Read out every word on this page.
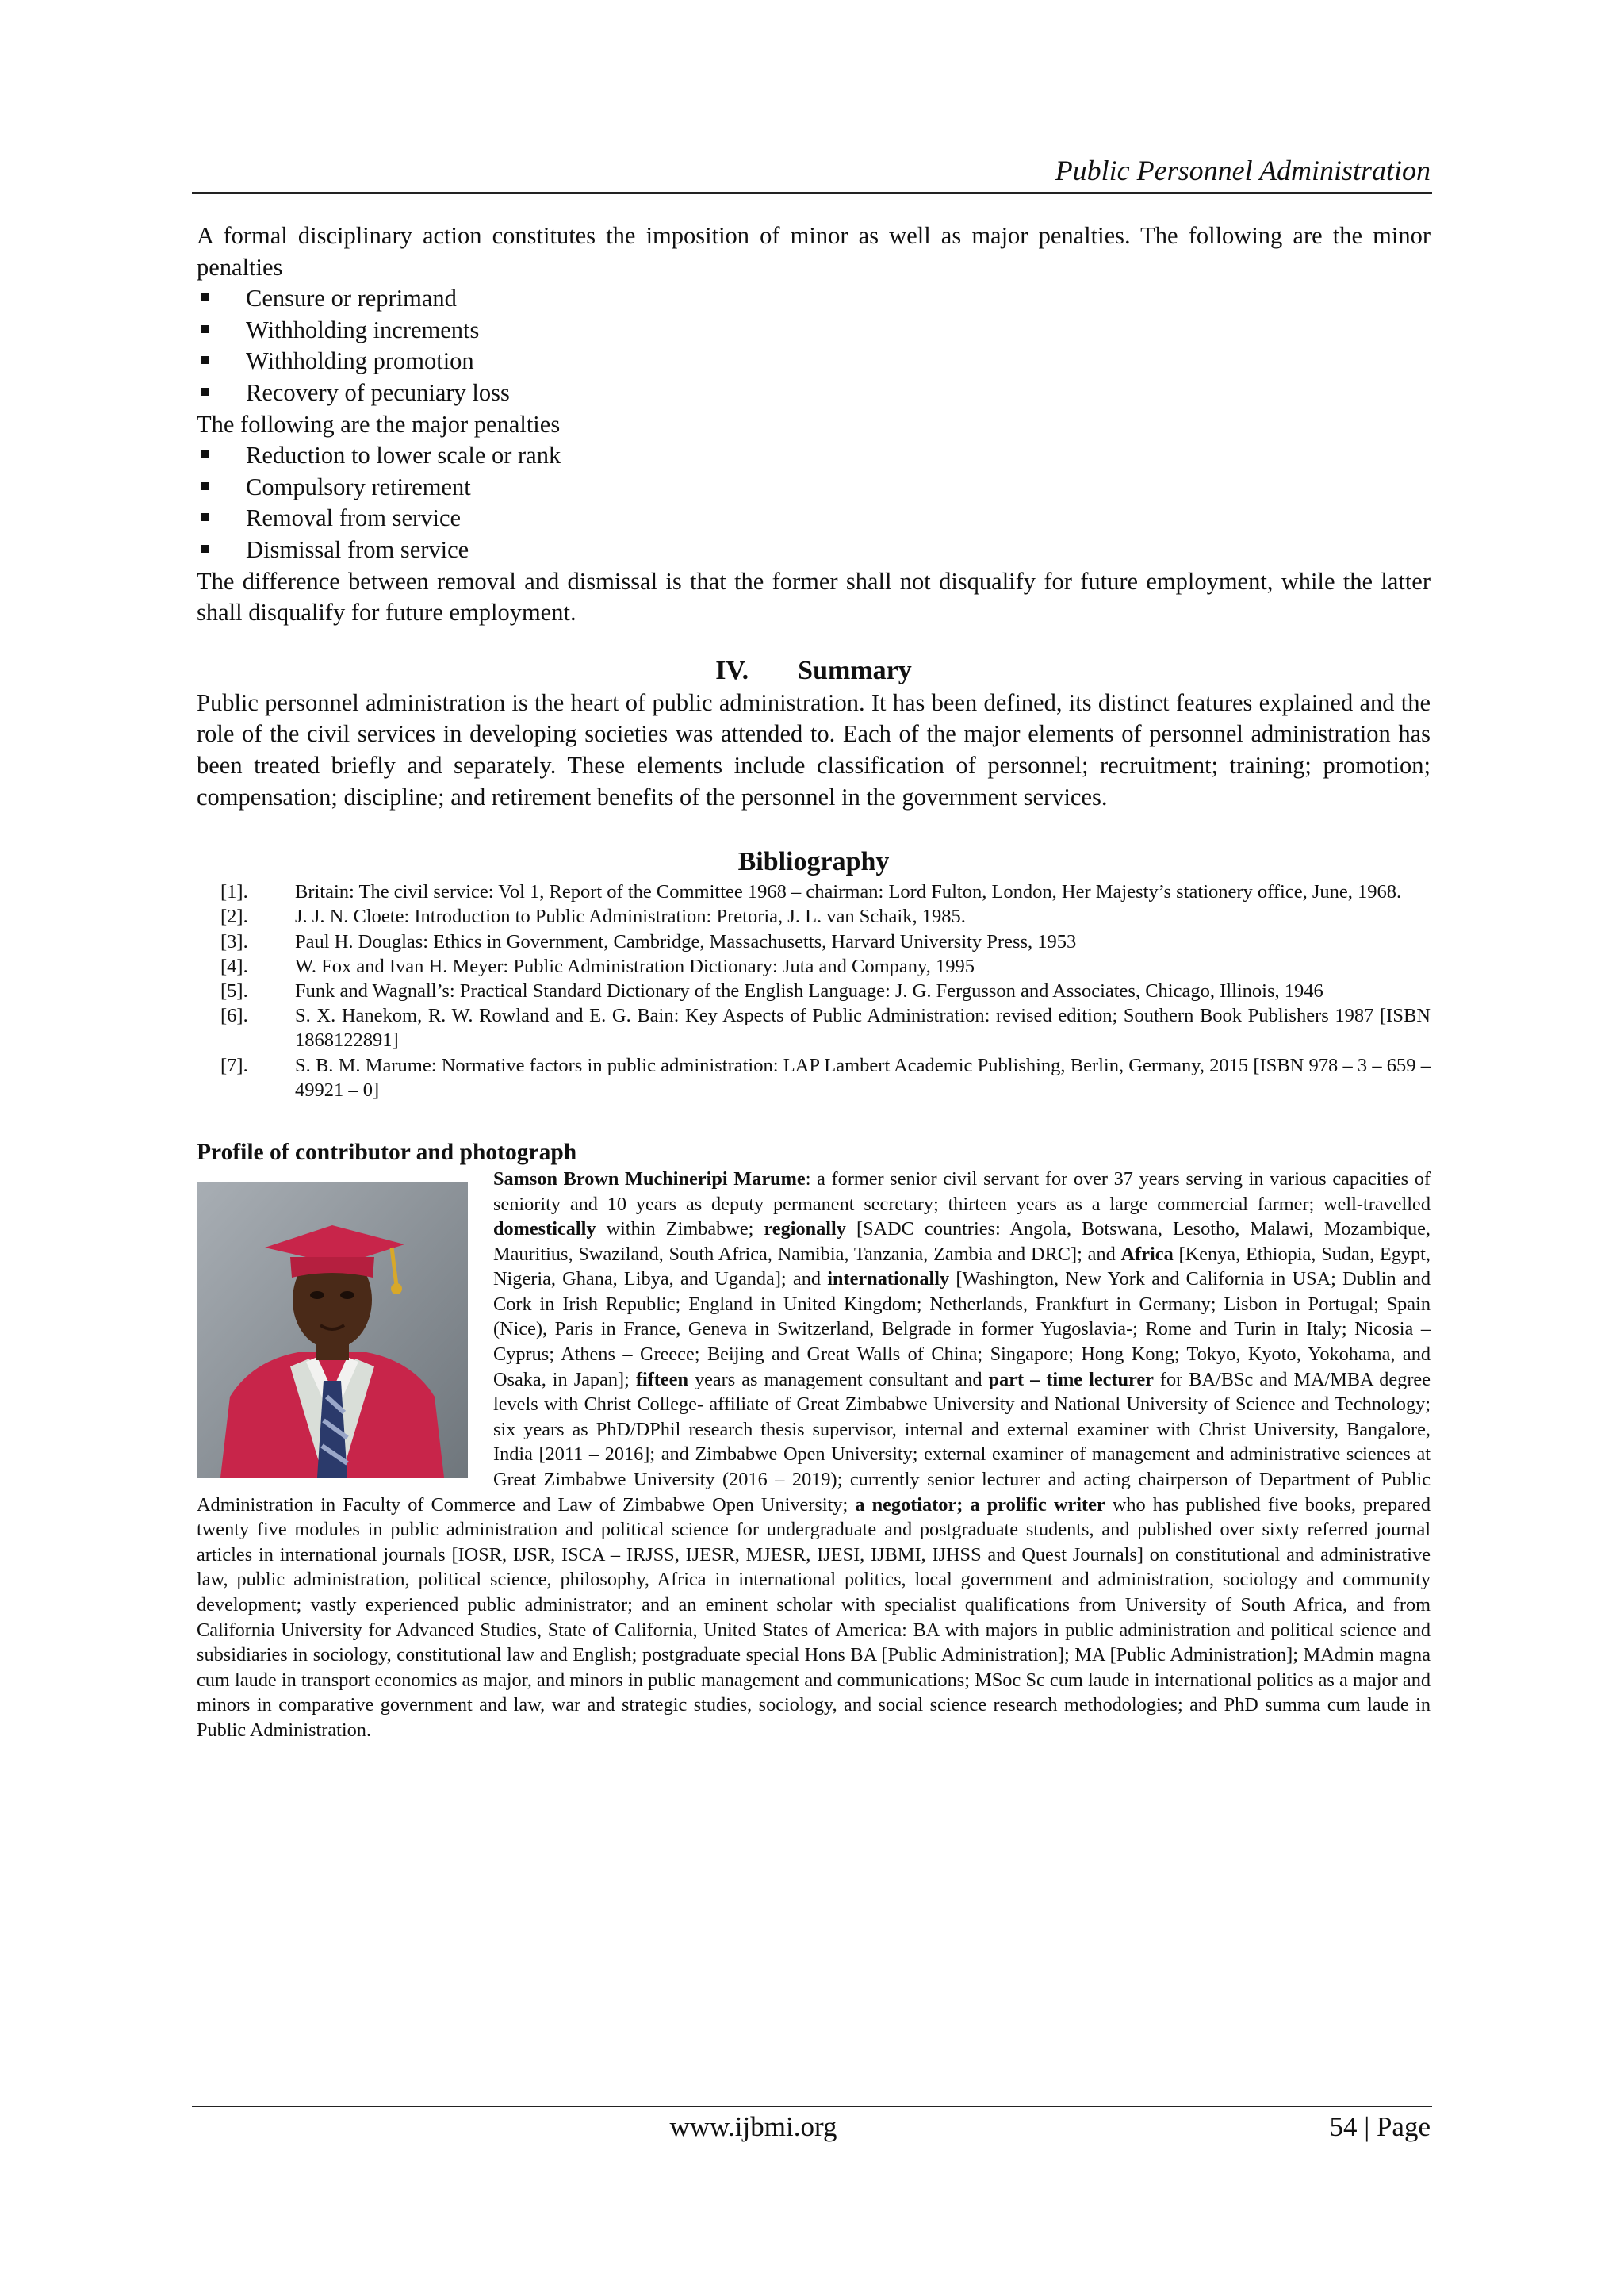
Public Personnel Administration

A formal disciplinary action constitutes the imposition of minor as well as major penalties. The following are the minor penalties

Censure or reprimand
Withholding increments
Withholding promotion
Recovery of pecuniary loss

The following are the major penalties

Reduction to lower scale or rank
Compulsory retirement
Removal from service
Dismissal from service

The difference between removal and dismissal is that the former shall not disqualify for future employment, while the latter shall disqualify for future employment.

IV. Summary

Public personnel administration is the heart of public administration. It has been defined, its distinct features explained and the role of the civil services in developing societies was attended to. Each of the major elements of personnel administration has been treated briefly and separately. These elements include classification of personnel; recruitment; training; promotion; compensation; discipline; and retirement benefits of the personnel in the government services.

Bibliography
[1]. Britain: The civil service: Vol 1, Report of the Committee 1968 – chairman: Lord Fulton, London, Her Majesty’s stationery office, June, 1968.
[2]. J. J. N. Cloete: Introduction to Public Administration: Pretoria, J. L. van Schaik, 1985.
[3]. Paul H. Douglas: Ethics in Government, Cambridge, Massachusetts, Harvard University Press, 1953
[4]. W. Fox and Ivan H. Meyer: Public Administration Dictionary: Juta and Company, 1995
[5]. Funk and Wagnall’s: Practical Standard Dictionary of the English Language: J. G. Fergusson and Associates, Chicago, Illinois, 1946
[6]. S. X. Hanekom, R. W. Rowland and E. G. Bain: Key Aspects of Public Administration: revised edition; Southern Book Publishers 1987 [ISBN 1868122891]
[7]. S. B. M. Marume: Normative factors in public administration: LAP Lambert Academic Publishing, Berlin, Germany, 2015 [ISBN 978 – 3 – 659 – 49921 – 0]
Profile of contributor and photograph
Samson Brown Muchineripi Marume: a former senior civil servant for over 37 years serving in various capacities of seniority and 10 years as deputy permanent secretary; thirteen years as a large commercial farmer; well-travelled domestically within Zimbabwe; regionally [SADC countries: Angola, Botswana, Lesotho, Malawi, Mozambique, Mauritius, Swaziland, South Africa, Namibia, Tanzania, Zambia and DRC]; and Africa [Kenya, Ethiopia, Sudan, Egypt, Nigeria, Ghana, Libya, and Uganda]; and internationally [Washington, New York and California in USA; Dublin and Cork in Irish Republic; England in United Kingdom; Netherlands, Frankfurt in Germany; Lisbon in Portugal; Spain (Nice), Paris in France, Geneva in Switzerland, Belgrade in former Yugoslavia-; Rome and Turin in Italy; Nicosia – Cyprus; Athens – Greece; Beijing and Great Walls of China; Singapore; Hong Kong; Tokyo, Kyoto, Yokohama, and Osaka, in Japan]; fifteen years as management consultant and part – time lecturer for BA/BSc and MA/MBA degree levels with Christ College- affiliate of Great Zimbabwe University and National University of Science and Technology; six years as PhD/DPhil research thesis supervisor, internal and external examiner with Christ University, Bangalore, India [2011 – 2016]; and Zimbabwe Open University; external examiner of management and administrative sciences at Great Zimbabwe University (2016 – 2019); currently senior lecturer and acting chairperson of Department of Public Administration in Faculty of Commerce and Law of Zimbabwe Open University; a negotiator; a prolific writer who has published five books, prepared twenty five modules in public administration and political science for undergraduate and postgraduate students, and published over sixty referred journal articles in international journals [IOSR, IJSR, ISCA – IRJSS, IJESR, MJESR, IJESI, IJBMI, IJHSS and Quest Journals] on constitutional and administrative law, public administration, political science, philosophy, Africa in international politics, local government and administration, sociology and community development; vastly experienced public administrator; and an eminent scholar with specialist qualifications from University of South Africa, and from California University for Advanced Studies, State of California, United States of America: BA with majors in public administration and political science and subsidiaries in sociology, constitutional law and English; postgraduate special Hons BA [Public Administration]; MA [Public Administration]; MAdmin magna cum laude in transport economics as major, and minors in public management and communications; MSoc Sc cum laude in international politics as a major and minors in comparative government and law, war and strategic studies, sociology, and social science research methodologies; and PhD summa cum laude in Public Administration.
www.ijbmi.org	54 | Page
